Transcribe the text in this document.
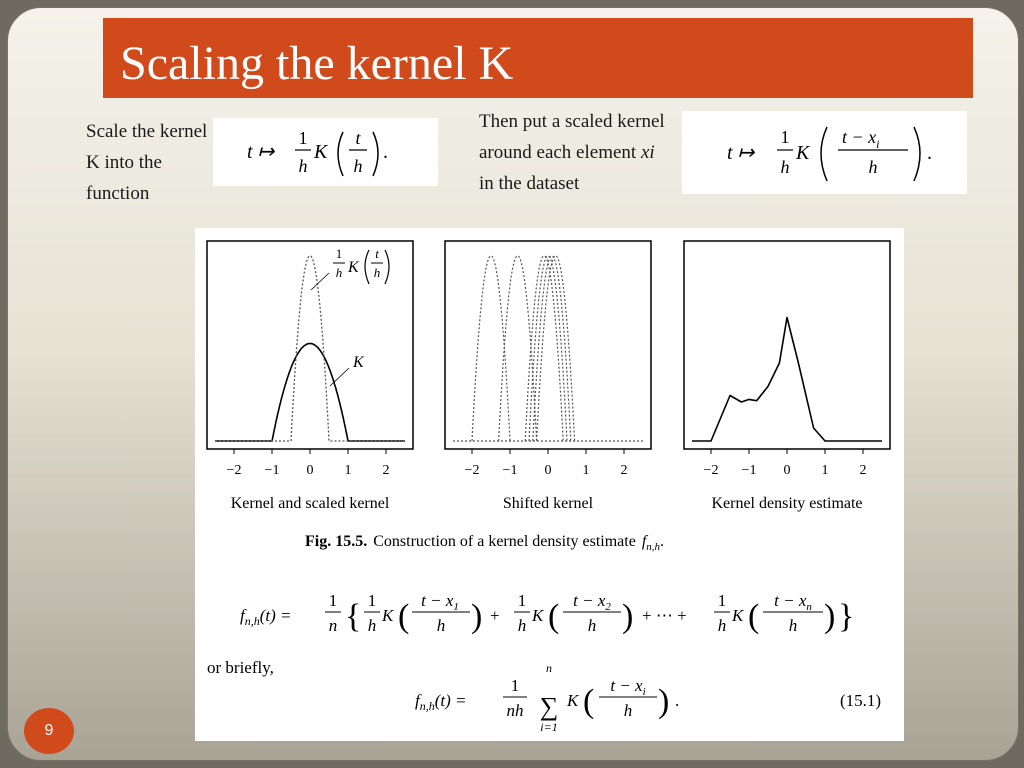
Scaling the kernel K
Scale the kernel K into the function
Then put a scaled kernel around each element xi in the dataset
t ↦
1
h
K
t
h
.	t ↦
1
h
K
$t - x_i$
h
.
−2 −1 0 1 2	−2 −1 0 1 2	−2 −1 0 1 2
1
h K
t
h
K
Kernel and scaled kernel	Shifted kernel	Kernel density estimate
Fig. 15.5. Construction of a kernel density estimate $f_{n,h}$.
$f_{n,h}(t)$ =
1
n { 1
h
K ( $t - x_1$
h ) +
1
h
K ( $t - x_2$
h ) + ⋯ +
1
h
K ( $t - x_n$
h ) }
or briefly,
$f_{n,h}(t)$ =
1
nh
n
∑
i=1
K ( $t - x_i$
h ) .	(15.1)
9
